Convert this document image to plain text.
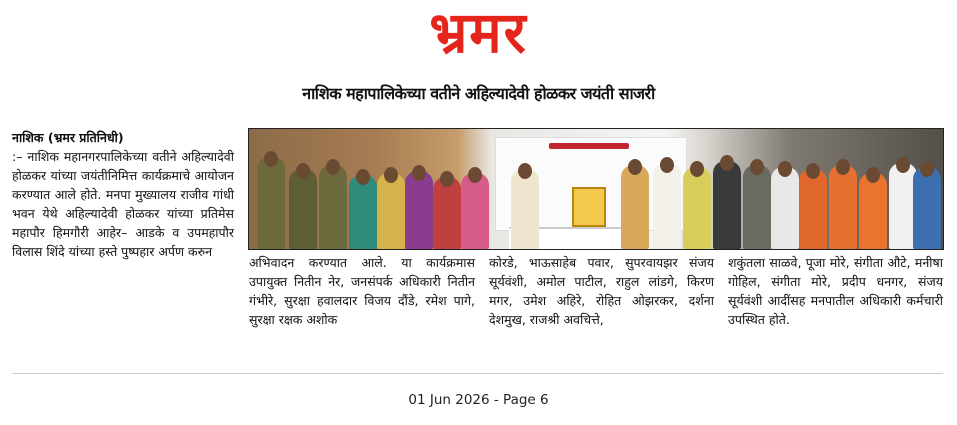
भ्रमर
नाशिक महापालिकेच्या वतीने अहिल्यादेवी होळकर जयंती साजरी
नाशिक (भ्रमर प्रतिनिधी)
:– नाशिक महानगरपालिकेच्या वतीने अहिल्यादेवी होळकर यांच्या जयंतीनिमित्त कार्यक्रमाचे आयोजन करण्यात आले होते. मनपा मुख्यालय राजीव गांधी भवन येथे अहिल्यादेवी होळकर यांच्या प्रतिमेस महापौर हिमगौरी आहेर– आडके व उपमहापौर विलास शिंदे यांच्या हस्ते पुष्पहार अर्पण करुन
अभिवादन करण्यात आले. या कार्यक्रमास उपायुक्त नितीन नेर, जनसंपर्क अधिकारी नितीन गंभीरे, सुरक्षा हवालदार विजय दौंडे, रमेश पागे, सुरक्षा रक्षक अशोक
कोरडे, भाऊसाहेब पवार, सुपरवायझर संजय सूर्यवंशी, अमोल पाटील, राहुल लांडगे, किरण मगर, उमेश अहिरे, रोहित ओझरकर, दर्शना देशमुख, राजश्री अवचित्ते,
शकुंतला साळवे, पूजा मोरे, संगीता औटे, मनीषा गोहिल, संगीता मोरे, प्रदीप धनगर, संजय सूर्यवंशी आदींसह मनपातील अधिकारी कर्मचारी उपस्थित होते.
01 Jun 2026 - Page 6
